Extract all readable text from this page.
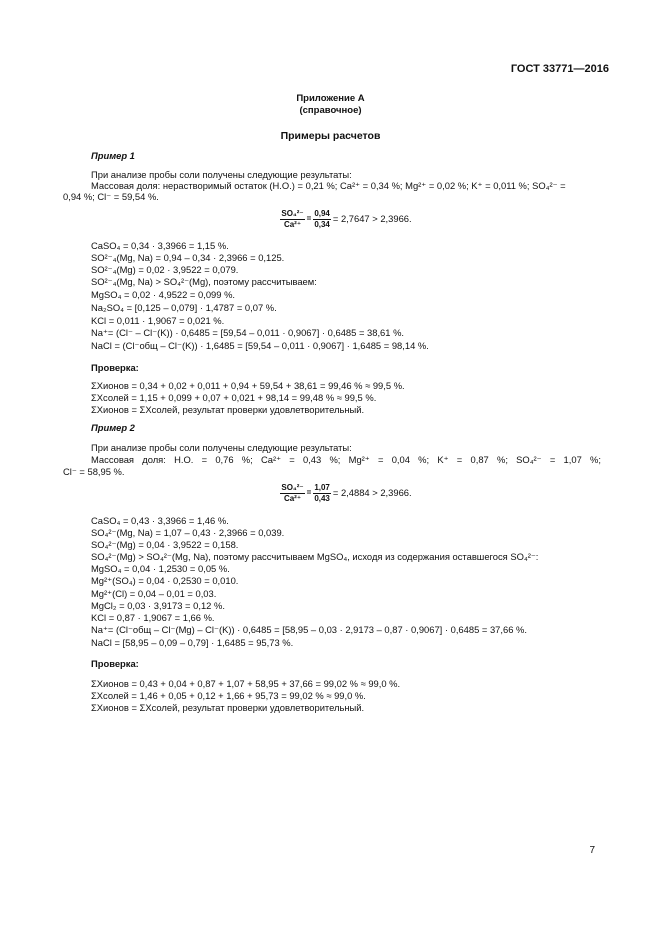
ГОСТ 33771—2016
Приложение А
(справочное)
Примеры расчетов
Пример 1
При анализе пробы соли получены следующие результаты:
Массовая доля: нерастворимый остаток (Н.О.) = 0,21 %; Ca²⁺ = 0,34 %; Mg²⁺ = 0,02 %; K⁺ = 0,011 %; SO₄²⁻ =
0,94 %; Cl⁻ = 59,54 %.
$\frac{\text{SO₄²⁻}}{\text{Ca²⁺}} = \frac{0,94}{0,34} = 2,7647 > 2,3966$.
CaSO₄ = 0,34 · 3,3966 = 1,15 %.
SO²⁻₄(Mg, Na) = 0,94 – 0,34 · 2,3966 = 0,125.
SO²⁻₄(Mg) = 0,02 · 3,9522 = 0,079.
SO²⁻₄(Mg, Na) > SO₄²⁻(Mg), поэтому рассчитываем:
MgSO₄ = 0,02 · 4,9522 = 0,099 %.
Na₂SO₄ = [0,125 – 0,079] · 1,4787 = 0,07 %.
KCl = 0,011 · 1,9067 = 0,021 %.
Na⁺= (Cl⁻ – Cl⁻(K)) · 0,6485 = [59,54 – 0,011 · 0,9067] · 0,6485 = 38,61 %.
NaCl = (Cl⁻общ – Cl⁻(K)) · 1,6485 = [59,54 – 0,011 · 0,9067] · 1,6485 = 98,14 %.
Проверка:
ΣXионов = 0,34 + 0,02 + 0,011 + 0,94 + 59,54 + 38,61 = 99,46 % ≈ 99,5 %.
ΣXсолей = 1,15 + 0,099 + 0,07 + 0,021 + 98,14 = 99,48 % ≈ 99,5 %.
ΣXионов = ΣXсолей, результат проверки удовлетворительный.
Пример 2
При анализе пробы соли получены следующие результаты:
Массовая доля: Н.О. = 0,76 %; Ca²⁺ = 0,43 %; Mg²⁺ = 0,04 %; K⁺ = 0,87 %; SO₄²⁻ = 1,07 %;
Cl⁻ = 58,95 %.
$\frac{\text{SO₄²⁻}}{\text{Ca²⁺}} = \frac{1,07}{0,43} = 2,4884 > 2,3966$.
CaSO₄ = 0,43 · 3,3966 = 1,46 %.
SO₄²⁻(Mg, Na) = 1,07 – 0,43 · 2,3966 = 0,039.
SO₄²⁻(Mg) = 0,04 · 3,9522 = 0,158.
SO₄²⁻(Mg) > SO₄²⁻(Mg, Na), поэтому рассчитываем MgSO₄, исходя из содержания оставшегося SO₄²⁻:
MgSO₄ = 0,04 · 1,2530 = 0,05 %.
Mg²⁺(SO₄) = 0,04 · 0,2530 = 0,010.
Mg²⁺(Cl) = 0,04 – 0,01 = 0,03.
MgCl₂ = 0,03 · 3,9173 = 0,12 %.
KCl = 0,87 · 1,9067 = 1,66 %.
Na⁺= (Cl⁻общ – Cl⁻(Mg) – Cl⁻(K)) · 0,6485 = [58,95 – 0,03 · 2,9173 – 0,87 · 0,9067] · 0,6485 = 37,66 %.
NaCl = [58,95 – 0,09 – 0,79] · 1,6485 = 95,73 %.
Проверка:
ΣXионов = 0,43 + 0,04 + 0,87 + 1,07 + 58,95 + 37,66 = 99,02 % ≈ 99,0 %.
ΣXсолей = 1,46 + 0,05 + 0,12 + 1,66 + 95,73 = 99,02 % ≈ 99,0 %.
ΣXионов = ΣXсолей, результат проверки удовлетворительный.
7
